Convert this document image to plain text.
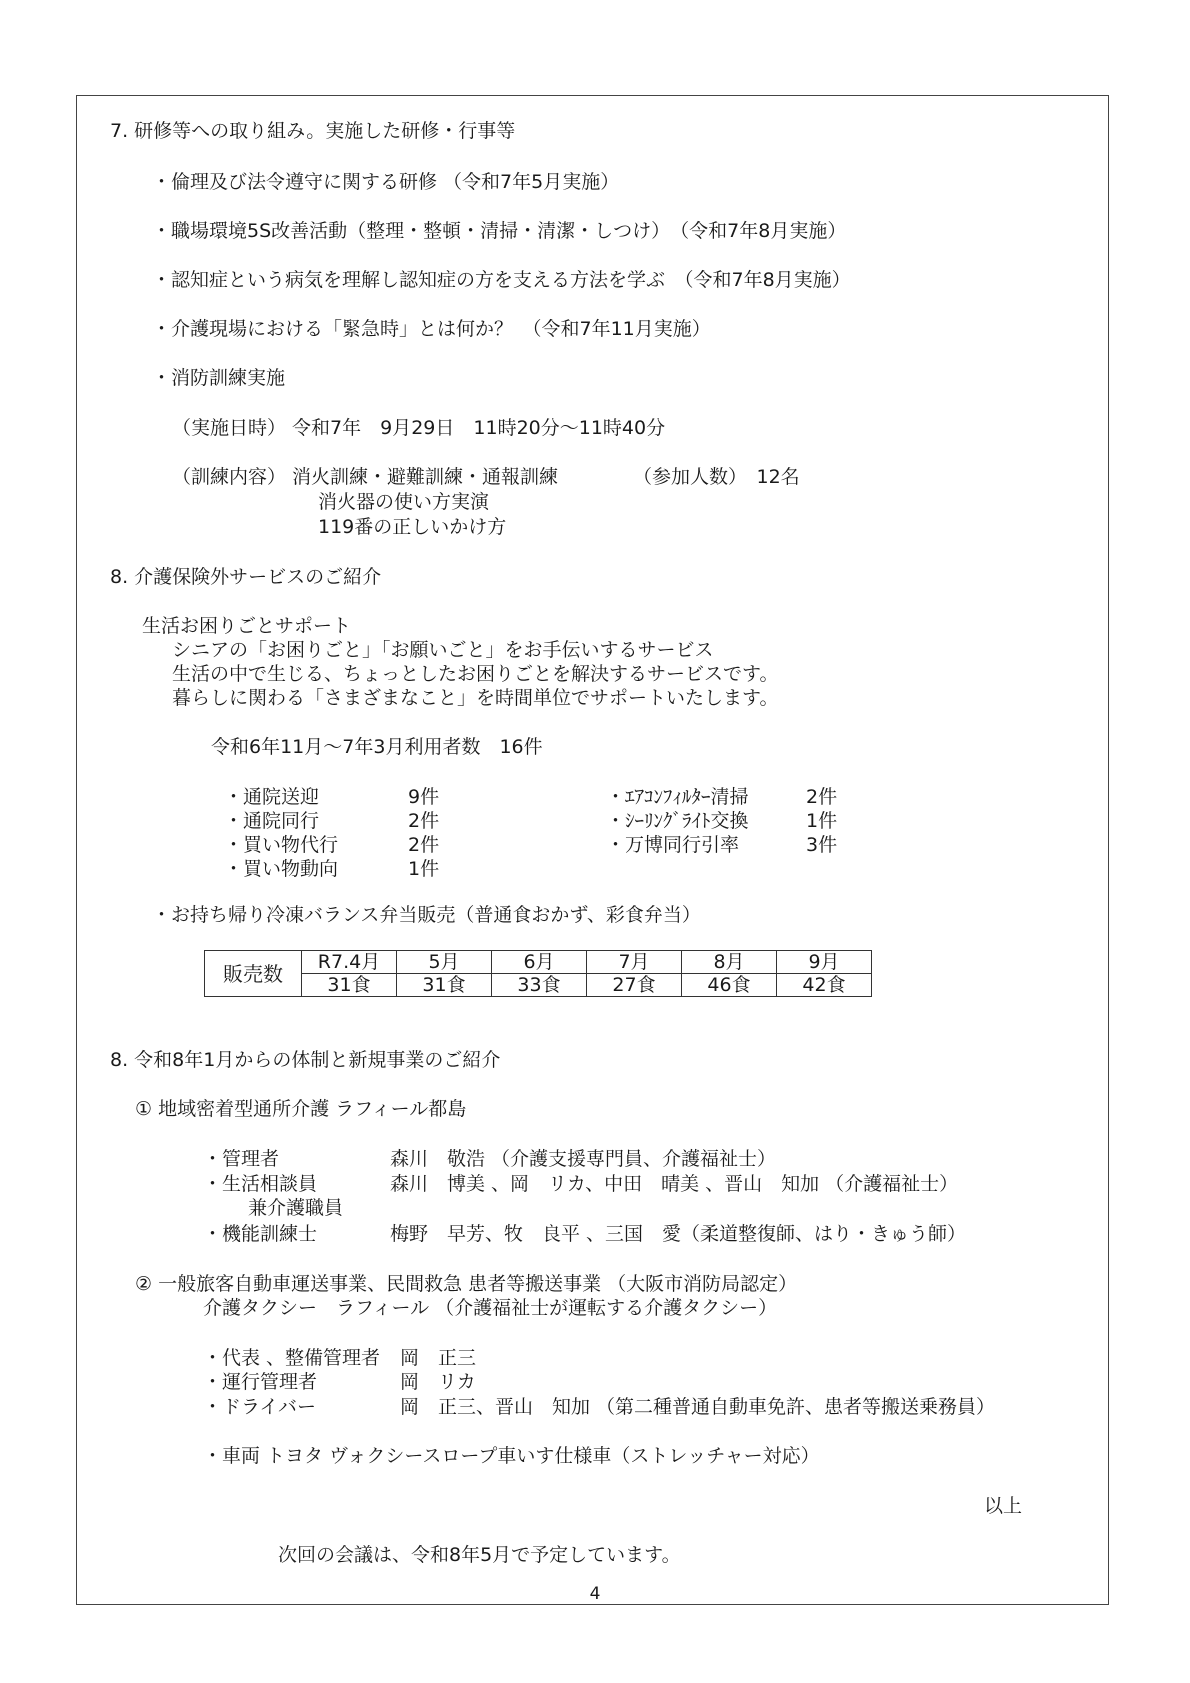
7. 研修等への取り組み。実施した研修・行事等
・倫理及び法令遵守に関する研修 （令和7年5月実施）
・職場環境5S改善活動（整理・整頓・清掃・清潔・しつけ）　（令和7年8月実施）
・認知症という病気を理解し認知症の方を支える方法を学ぶ　（令和7年8月実施）
・介護現場における「緊急時」とは何か？　（令和7年11月実施）
・消防訓練実施
（実施日時） 令和7年　9月29日　11時20分～11時40分
（訓練内容） 消火訓練・避難訓練・通報訓練	（参加人数）　12名
消火器の使い方実演
119番の正しいかけ方
8. 介護保険外サービスのご紹介
生活お困りごとサポート
シニアの「お困りごと」「お願いごと」をお手伝いするサービス
生活の中で生じる、ちょっとしたお困りごとを解決するサービスです。
暮らしに関わる「さまざまなこと」を時間単位でサポートいたします。
令和6年11月～7年3月利用者数　16件
・通院送迎	9件
・通院同行	2件
・買い物代行	2件
・買い物動向	1件
・ｴｱｺﾝﾌｨﾙﾀｰ清掃	2件
・ｼｰﾘﾝｸﾞﾗｲﾄ交換	1件
・万博同行引率	3件
・お持ち帰り冷凍バランス弁当販売（普通食おかず、彩食弁当）
販売数	R7.4月	5月	6月	7月	8月	9月
	31食	31食	33食	27食	46食	42食
8. 令和8年1月からの体制と新規事業のご紹介
① 地域密着型通所介護 ラフィール都島
・管理者	森川　敬浩 （介護支援専門員、介護福祉士）
・生活相談員	森川　博美 、岡　リカ、中田　晴美 、晋山　知加 （介護福祉士）
兼介護職員
・機能訓練士	梅野　早芳、牧　良平 、三国　愛（柔道整復師、はり・きゅう師）
② 一般旅客自動車運送事業、民間救急 患者等搬送事業 （大阪市消防局認定）
介護タクシー　ラフィール （介護福祉士が運転する介護タクシー）
・代表 、整備管理者 岡　正三
・運行管理者	岡　リカ
・ドライバー	岡　正三、晋山　知加 （第二種普通自動車免許、患者等搬送乗務員）
・車両 トヨタ ヴォクシースロープ車いす仕様車（ストレッチャー対応）
以上
次回の会議は、令和8年5月で予定しています。
4
